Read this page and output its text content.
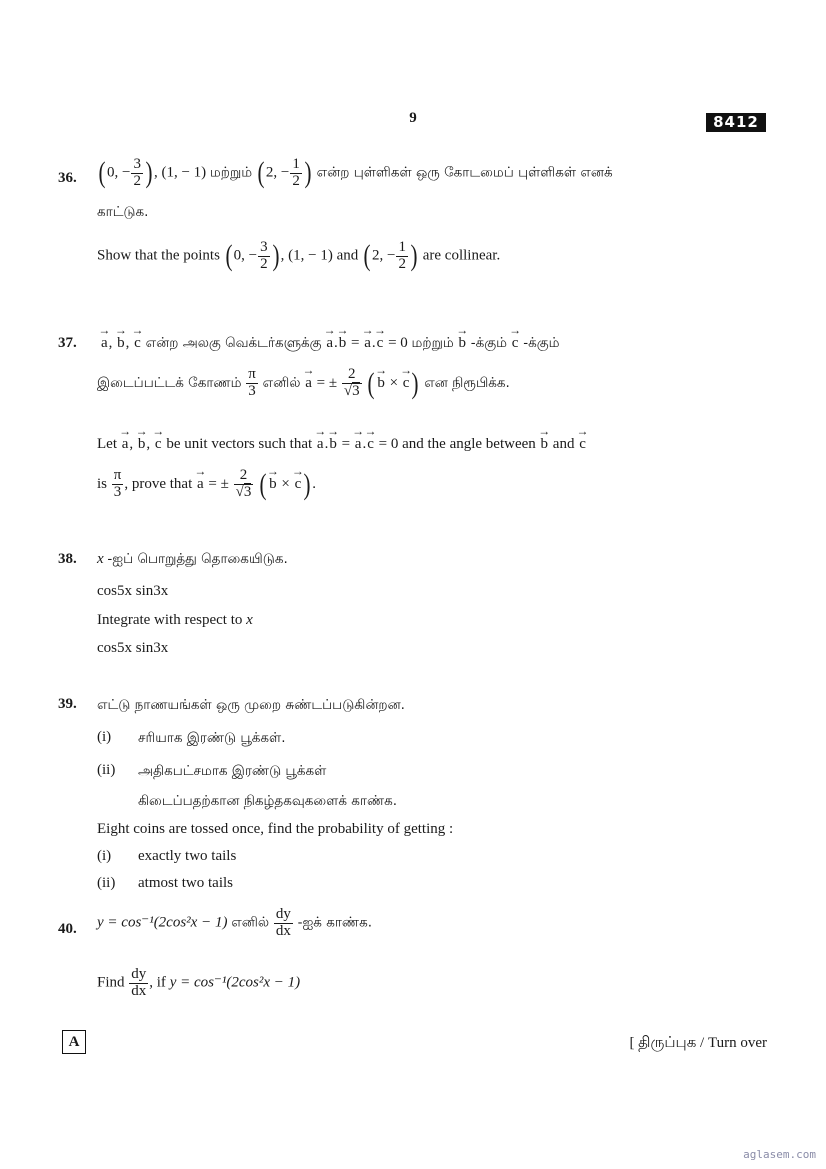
9	8412
36. ( 0, − $\frac{3}{2}$ ) , (1, − 1) மற்றும் ( 2, − $\frac{1}{2}$ ) என்ற புள்ளிகள் ஒரு கோடமைப் புள்ளிகள் எனக்
காட்டுக.
Show that the points ( 0, − $\frac{3}{2}$ ) , (1, − 1) and ( 2, − $\frac{1}{2}$ ) are collinear.
37. → a, → b, → c என்ற அலகு வெக்டர்களுக்கு → a.→ b = → a.→ c = 0 மற்றும் → b -க்கும் → c -க்கும்
இடைப்பட்டக் கோணம் $\frac{\pi}{3}$ எனில் → a = ± $\frac{2}{√3}$ ( → b × → c) என நிரூபிக்க.
Let → a, → b, → c be unit vectors such that → a.→ b = → a.→ c = 0 and the angle between → b and → c
is $\frac{\pi}{3}$ , prove that → a = ± $\frac{2}{√3}$ ( → b × → c) .
38. x -ஐப் பொறுத்து தொகையிடுக.
cos5x sin3x
Integrate with respect to x
cos5x sin3x
39. எட்டு நாணயங்கள் ஒரு முறை சுண்டப்படுகின்றன.
(i) சரியாக இரண்டு பூக்கள்.
(ii) அதிகபட்சமாக இரண்டு பூக்கள்
கிடைப்பதற்கான நிகழ்தகவுகளைக் காண்க.
Eight coins are tossed once, find the probability of getting :
(i) exactly two tails
(ii) atmost two tails
40. y = cos⁻¹(2cos²x − 1) எனில் $\frac{dy}{dx}$ -ஐக் காண்க.
Find $\frac{dy}{dx}$ , if y = cos⁻¹(2cos²x − 1)
A	[ திருப்புக / Turn over
aglasem.com
